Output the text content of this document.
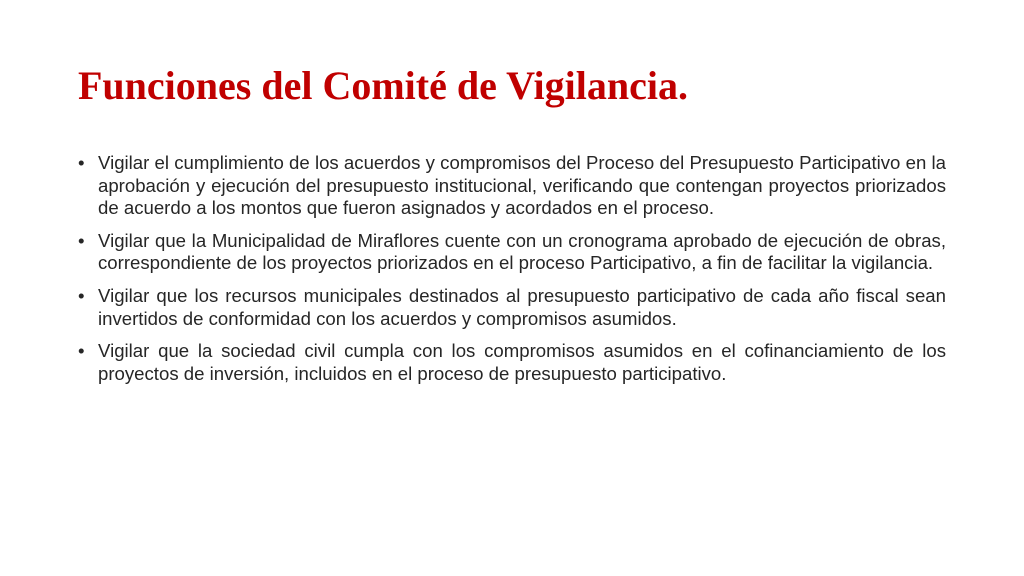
Funciones del Comité de Vigilancia.
• Vigilar el cumplimiento de los acuerdos y compromisos del Proceso del Presupuesto Participativo en la aprobación y ejecución del presupuesto institucional, verificando que contengan proyectos priorizados de acuerdo a los montos que fueron asignados y acordados en el proceso.
• Vigilar que la Municipalidad de Miraflores cuente con un cronograma aprobado de ejecución de obras, correspondiente de los proyectos priorizados en el proceso Participativo, a fin de facilitar la vigilancia.
• Vigilar que los recursos municipales destinados al presupuesto participativo de cada año fiscal sean invertidos de conformidad con los acuerdos y compromisos asumidos.
• Vigilar que la sociedad civil cumpla con los compromisos asumidos en el cofinanciamiento de los proyectos de inversión, incluidos en el proceso de presupuesto participativo.
